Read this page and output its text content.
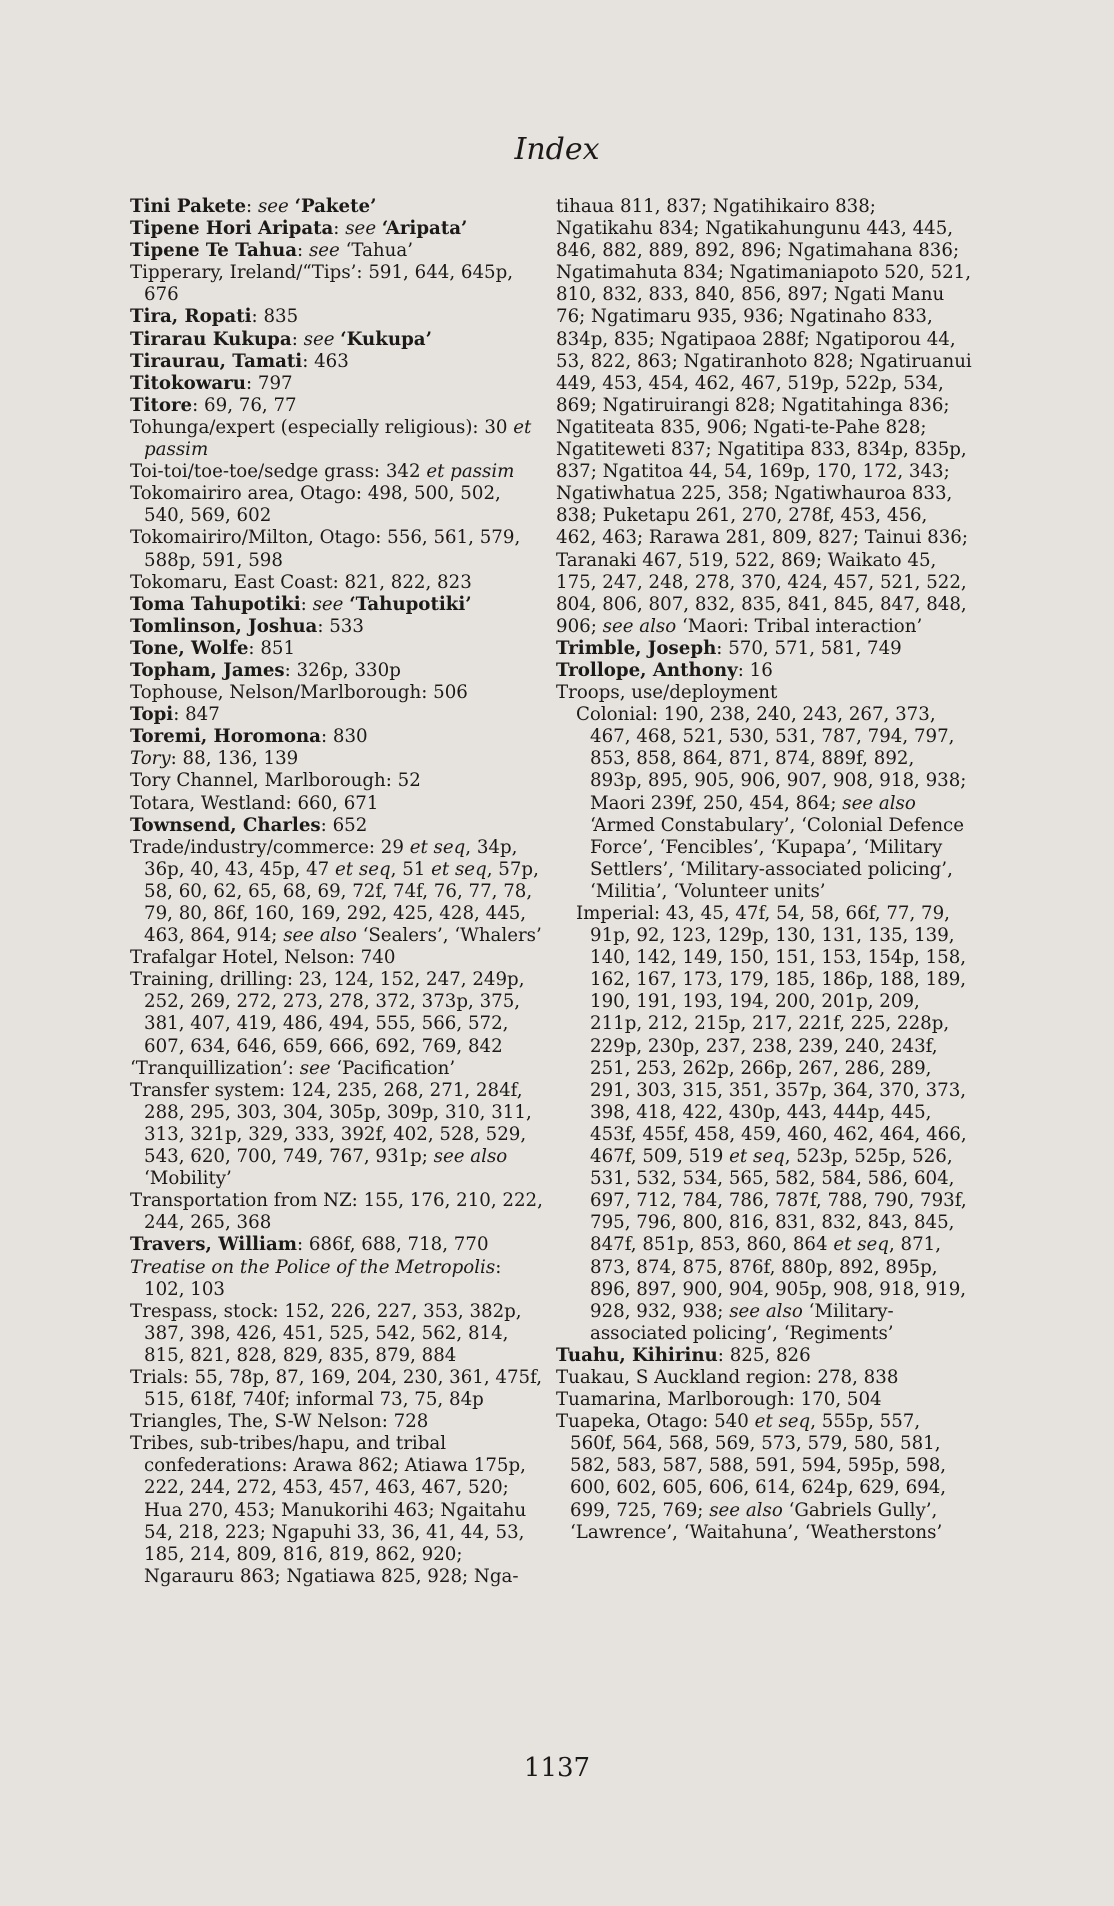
Index
Tini Pakete: see ‘Pakete’
Tipene Hori Aripata: see ‘Aripata’
Tipene Te Tahua: see ‘Tahua’
Tipperary, Ireland/“Tips’: 591, 644, 645p, 676
Tira, Ropati: 835
Tirarau Kukupa: see ‘Kukupa’
Tiraurau, Tamati: 463
Titokowaru: 797
Titore: 69, 76, 77
Tohunga/expert (especially religious): 30 et passim
Toi-toi/toe-toe/sedge grass: 342 et passim
Tokomairiro area, Otago: 498, 500, 502, 540, 569, 602
Tokomairiro/Milton, Otago: 556, 561, 579, 588p, 591, 598
Tokomaru, East Coast: 821, 822, 823
Toma Tahupotiki: see ‘Tahupotiki’
Tomlinson, Joshua: 533
Tone, Wolfe: 851
Topham, James: 326p, 330p
Tophouse, Nelson/Marlborough: 506
Topi: 847
Toremi, Horomona: 830
Tory: 88, 136, 139
Tory Channel, Marlborough: 52
Totara, Westland: 660, 671
Townsend, Charles: 652
Trade/industry/commerce: 29 et seq, 34p, 36p, 40, 43, 45p, 47 et seq, 51 et seq, 57p, 58, 60, 62, 65, 68, 69, 72f, 74f, 76, 77, 78, 79, 80, 86f, 160, 169, 292, 425, 428, 445, 463, 864, 914; see also ‘Sealers’, ‘Whalers’
Trafalgar Hotel, Nelson: 740
Training, drilling: 23, 124, 152, 247, 249p, 252, 269, 272, 273, 278, 372, 373p, 375, 381, 407, 419, 486, 494, 555, 566, 572, 607, 634, 646, 659, 666, 692, 769, 842
‘Tranquillization’: see ‘Pacification’
Transfer system: 124, 235, 268, 271, 284f, 288, 295, 303, 304, 305p, 309p, 310, 311, 313, 321p, 329, 333, 392f, 402, 528, 529, 543, 620, 700, 749, 767, 931p; see also ‘Mobility’
Transportation from NZ: 155, 176, 210, 222, 244, 265, 368
Travers, William: 686f, 688, 718, 770
Treatise on the Police of the Metropolis: 102, 103
Trespass, stock: 152, 226, 227, 353, 382p, 387, 398, 426, 451, 525, 542, 562, 814, 815, 821, 828, 829, 835, 879, 884
Trials: 55, 78p, 87, 169, 204, 230, 361, 475f, 515, 618f, 740f; informal 73, 75, 84p
Triangles, The, S-W Nelson: 728
Tribes, sub-tribes/hapu, and tribal confederations: Arawa 862; Atiawa 175p, 222, 244, 272, 453, 457, 463, 467, 520; Hua 270, 453; Manukorihi 463; Ngaitahu 54, 218, 223; Ngapuhi 33, 36, 41, 44, 53, 185, 214, 809, 816, 819, 862, 920; Ngarauru 863; Ngatiawa 825, 928; Nga-
tihaua 811, 837; Ngatihikairo 838; Ngatikahu 834; Ngatikahungunu 443, 445, 846, 882, 889, 892, 896; Ngatimahana 836; Ngatimahuta 834; Ngatimaniapoto 520, 521, 810, 832, 833, 840, 856, 897; Ngati Manu 76; Ngatimaru 935, 936; Ngatinaho 833, 834p, 835; Ngatipaoa 288f; Ngatiporou 44, 53, 822, 863; Ngatiranhoto 828; Ngatiruanui 449, 453, 454, 462, 467, 519p, 522p, 534, 869; Ngatiruirangi 828; Ngatitahinga 836; Ngatiteata 835, 906; Ngati-te-Pahe 828; Ngatiteweti 837; Ngatitipa 833, 834p, 835p, 837; Ngatitoa 44, 54, 169p, 170, 172, 343; Ngatiwhatua 225, 358; Ngatiwhauroa 833, 838; Puketapu 261, 270, 278f, 453, 456, 462, 463; Rarawa 281, 809, 827; Tainui 836; Taranaki 467, 519, 522, 869; Waikato 45, 175, 247, 248, 278, 370, 424, 457, 521, 522, 804, 806, 807, 832, 835, 841, 845, 847, 848, 906; see also ‘Maori: Tribal interaction’
Trimble, Joseph: 570, 571, 581, 749
Trollope, Anthony: 16
Troops, use/deployment
Colonial: 190, 238, 240, 243, 267, 373, 467, 468, 521, 530, 531, 787, 794, 797, 853, 858, 864, 871, 874, 889f, 892, 893p, 895, 905, 906, 907, 908, 918, 938; Maori 239f, 250, 454, 864; see also ‘Armed Constabulary’, ‘Colonial Defence Force’, ‘Fencibles’, ‘Kupapa’, ‘Military Settlers’, ‘Military-associated policing’, ‘Militia’, ‘Volunteer units’
Imperial: 43, 45, 47f, 54, 58, 66f, 77, 79, 91p, 92, 123, 129p, 130, 131, 135, 139, 140, 142, 149, 150, 151, 153, 154p, 158, 162, 167, 173, 179, 185, 186p, 188, 189, 190, 191, 193, 194, 200, 201p, 209, 211p, 212, 215p, 217, 221f, 225, 228p, 229p, 230p, 237, 238, 239, 240, 243f, 251, 253, 262p, 266p, 267, 286, 289, 291, 303, 315, 351, 357p, 364, 370, 373, 398, 418, 422, 430p, 443, 444p, 445, 453f, 455f, 458, 459, 460, 462, 464, 466, 467f, 509, 519 et seq, 523p, 525p, 526, 531, 532, 534, 565, 582, 584, 586, 604, 697, 712, 784, 786, 787f, 788, 790, 793f, 795, 796, 800, 816, 831, 832, 843, 845, 847f, 851p, 853, 860, 864 et seq, 871, 873, 874, 875, 876f, 880p, 892, 895p, 896, 897, 900, 904, 905p, 908, 918, 919, 928, 932, 938; see also ‘Military-associated policing’, ‘Regiments’
Tuahu, Kihirinu: 825, 826
Tuakau, S Auckland region: 278, 838
Tuamarina, Marlborough: 170, 504
Tuapeka, Otago: 540 et seq, 555p, 557, 560f, 564, 568, 569, 573, 579, 580, 581, 582, 583, 587, 588, 591, 594, 595p, 598, 600, 602, 605, 606, 614, 624p, 629, 694, 699, 725, 769; see also ‘Gabriels Gully’, ‘Lawrence’, ‘Waitahuna’, ‘Weatherstons’
1137
